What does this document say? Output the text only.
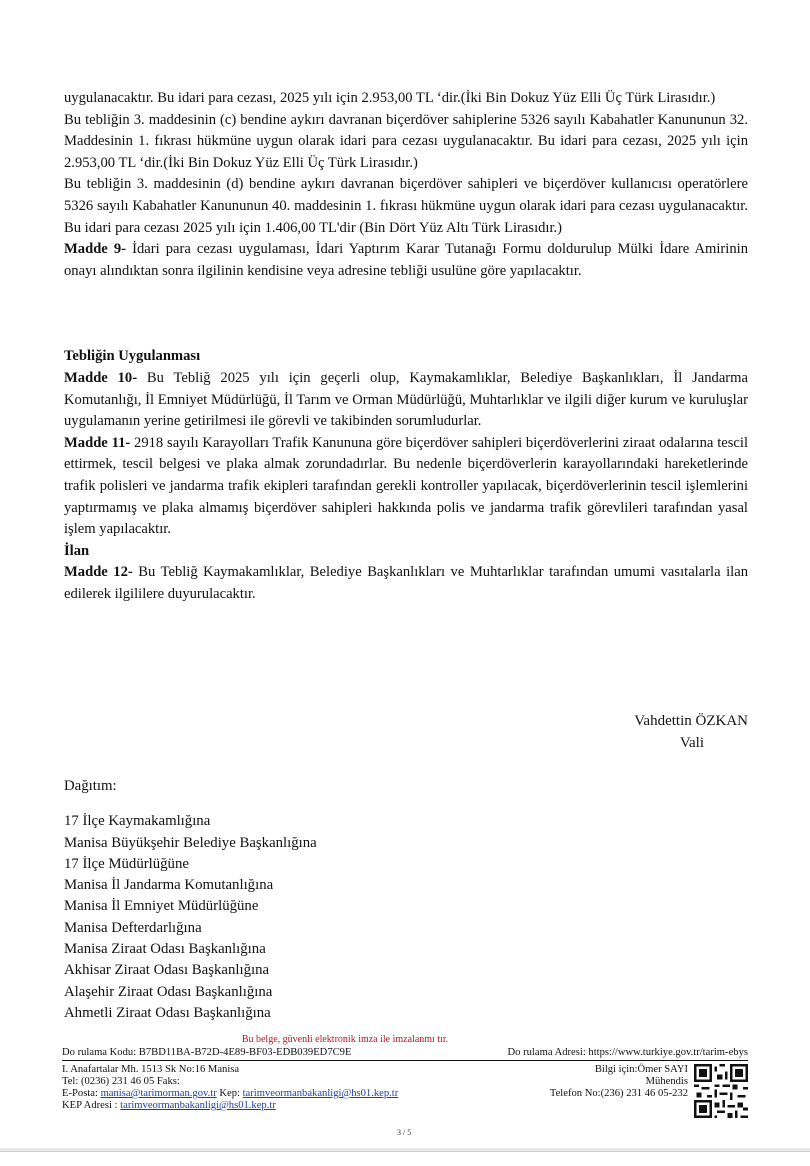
uygulanacaktır. Bu idari para cezası, 2025 yılı için 2.953,00 TL ‘dir.(İki Bin Dokuz Yüz Elli Üç Türk Lirasıdır.)

Bu tebliğin 3. maddesinin (c) bendine aykırı davranan biçerdöver sahiplerine 5326 sayılı Kabahatler Kanununun 32. Maddesinin 1. fıkrası hükmüne uygun olarak idari para cezası uygulanacaktır. Bu idari para cezası, 2025 yılı için 2.953,00 TL ‘dir.(İki Bin Dokuz Yüz Elli Üç Türk Lirasıdır.)

Bu tebliğin 3. maddesinin (d) bendine aykırı davranan biçerdöver sahipleri ve biçerdöver kullanıcısı operatörlere 5326 sayılı Kabahatler Kanununun 40. maddesinin 1. fıkrası hükmüne uygun olarak idari para cezası uygulanacaktır. Bu idari para cezası 2025 yılı için 1.406,00 TL'dir (Bin Dört Yüz Altı Türk Lirasıdır.)

Madde 9- İdari para cezası uygulaması, İdari Yaptırım Karar Tutanağı Formu doldurulup Mülki İdare Amirinin onayı alındıktan sonra ilgilinin kendisine veya adresine tebliği usulüne göre yapılacaktır.

Tebliğin Uygulanması

Madde 10- Bu Tebliğ 2025 yılı için geçerli olup, Kaymakamlıklar, Belediye Başkanlıkları, İl Jandarma Komutanlığı, İl Emniyet Müdürlüğü, İl Tarım ve Orman Müdürlüğü, Muhtarlıklar ve ilgili diğer kurum ve kuruluşlar uygulamanın yerine getirilmesi ile görevli ve takibinden sorumludurlar.

Madde 11- 2918 sayılı Karayolları Trafik Kanununa göre biçerdöver sahipleri biçerdöverlerini ziraat odalarına tescil ettirmek, tescil belgesi ve plaka almak zorundadırlar. Bu nedenle biçerdöverlerin karayollarındaki hareketlerinde trafik polisleri ve jandarma trafik ekipleri tarafından gerekli kontroller yapılacak, biçerdöverlerinin tescil işlemlerini yaptırmamış ve plaka almamış biçerdöver sahipleri hakkında polis ve jandarma trafik görevlileri tarafından yasal işlem yapılacaktır.

İlan

Madde 12- Bu Tebliğ Kaymakamlıklar, Belediye Başkanlıkları ve Muhtarlıklar tarafından umumi vasıtalarla ilan edilerek ilgililere duyurulacaktır.

Vahdettin ÖZKAN
Vali
Dağıtım:
17 İlçe Kaymakamlığına
Manisa Büyükşehir Belediye Başkanlığına
17 İlçe Müdürlüğüne
Manisa İl Jandarma Komutanlığına
Manisa İl Emniyet Müdürlüğüne
Manisa Defterdarlığına
Manisa Ziraat Odası Başkanlığına
Akhisar Ziraat Odası Başkanlığına
Alaşehir Ziraat Odası Başkanlığına
Ahmetli Ziraat Odası Başkanlığına
Bu belge, güvenli elektronik imza ile imzalanmı tır.
Do rulama Kodu: B7BD11BA-B72D-4E89-BF03-EDB039ED7C9E	Do rulama Adresi: https://www.turkiye.gov.tr/tarim-ebys
I. Anafartalar Mh. 1513 Sk No:16 Manisa
Tel: (0236) 231 46 05 Faks:
E-Posta: manisa@tarimorman.gov.tr Kep: tarimveormanbakanligi@hs01.kep.tr
KEP Adresi : tarimveormanbakanligi@hs01.kep.tr
Bilgi için:Ömer SAYI
Mühendis
Telefon No:(236) 231 46 05-232
3 / 5
